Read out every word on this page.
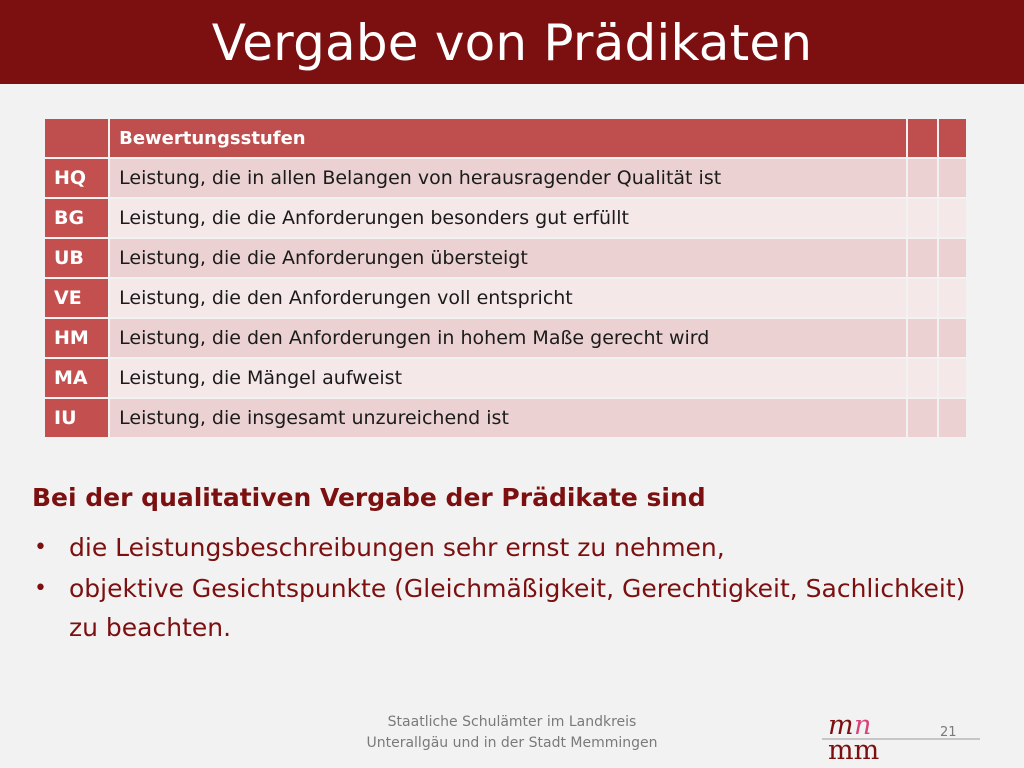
Vergabe von Prädikaten
	Bewertungsstufen		
HQ	Leistung, die in allen Belangen von herausragender Qualität ist		
BG	Leistung, die die Anforderungen besonders gut erfüllt		
UB	Leistung, die die Anforderungen übersteigt		
VE	Leistung, die den Anforderungen voll entspricht		
HM	Leistung, die den Anforderungen in hohem Maße gerecht wird		
MA	Leistung, die Mängel aufweist		
IU	Leistung, die insgesamt unzureichend ist		

Bei der qualitativen Vergabe der Prädikate sind

• die Leistungsbeschreibungen sehr ernst zu nehmen,
• objektive Gesichtspunkte (Gleichmäßigkeit, Gerechtigkeit, Sachlichkeit) zu beachten.
Staatliche Schulämter im Landkreis
Unterallgäu und in der Stadt Memmingen
m n
mm
21
